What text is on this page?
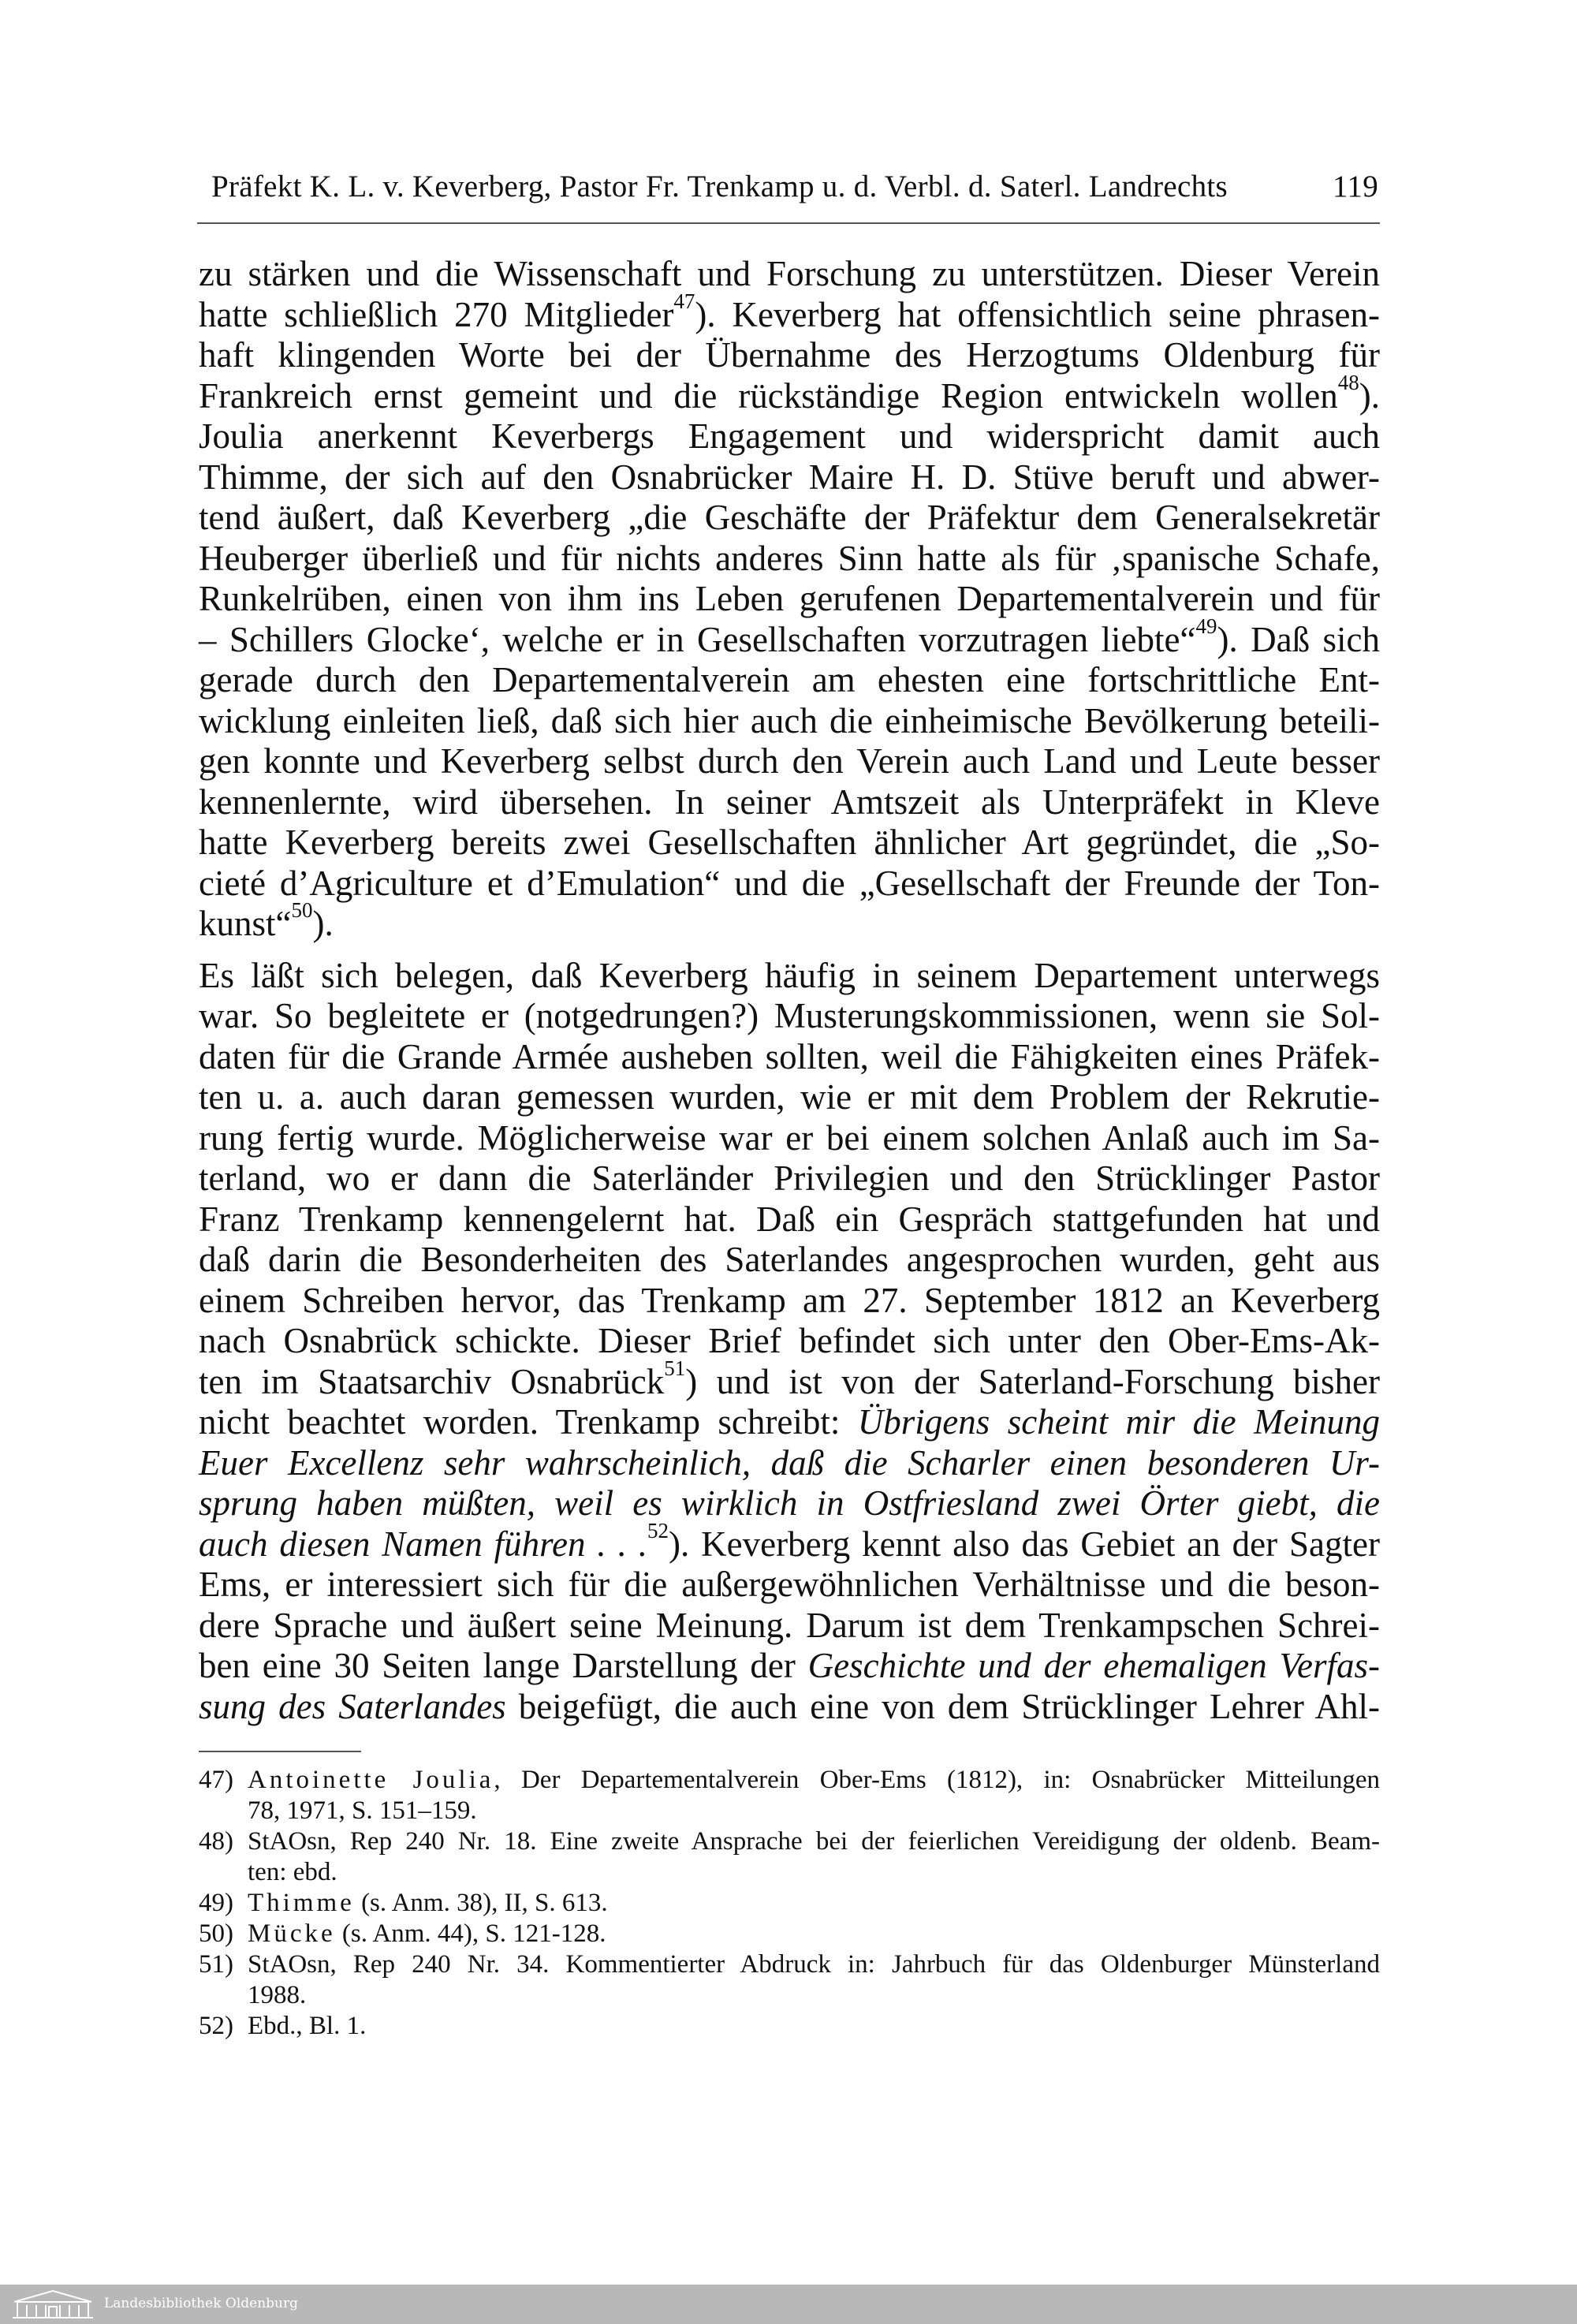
Präfekt K. L. v. Keverberg, Pastor Fr. Trenkamp u. d. Verbl. d. Saterl. Landrechts	119
zu stärken und die Wissenschaft und Forschung zu unterstützen. Dieser Verein
hatte schließlich 270 Mitglieder$^{47}$). Keverberg hat offensichtlich seine phrasen-
haft klingenden Worte bei der Übernahme des Herzogtums Oldenburg für
Frankreich ernst gemeint und die rückständige Region entwickeln wollen$^{48}$).
Joulia anerkennt Keverbergs Engagement und widerspricht damit auch
Thimme, der sich auf den Osnabrücker Maire H. D. Stüve beruft und abwer-
tend äußert, daß Keverberg „die Geschäfte der Präfektur dem Generalsekretär
Heuberger überließ und für nichts anderes Sinn hatte als für ‚spanische Schafe,
Runkelrüben, einen von ihm ins Leben gerufenen Departementalverein und für
– Schillers Glocke‘, welche er in Gesellschaften vorzutragen liebte“$^{49}$). Daß sich
gerade durch den Departementalverein am ehesten eine fortschrittliche Ent-
wicklung einleiten ließ, daß sich hier auch die einheimische Bevölkerung beteili-
gen konnte und Keverberg selbst durch den Verein auch Land und Leute besser
kennenlernte, wird übersehen. In seiner Amtszeit als Unterpräfekt in Kleve
hatte Keverberg bereits zwei Gesellschaften ähnlicher Art gegründet, die „So-
cieté d’Agriculture et d’Emulation“ und die „Gesellschaft der Freunde der Ton-
kunst“$^{50}$).
Es läßt sich belegen, daß Keverberg häufig in seinem Departement unterwegs
war. So begleitete er (notgedrungen?) Musterungskommissionen, wenn sie Sol-
daten für die Grande Armée ausheben sollten, weil die Fähigkeiten eines Präfek-
ten u. a. auch daran gemessen wurden, wie er mit dem Problem der Rekrutie-
rung fertig wurde. Möglicherweise war er bei einem solchen Anlaß auch im Sa-
terland, wo er dann die Saterländer Privilegien und den Strücklinger Pastor
Franz Trenkamp kennengelernt hat. Daß ein Gespräch stattgefunden hat und
daß darin die Besonderheiten des Saterlandes angesprochen wurden, geht aus
einem Schreiben hervor, das Trenkamp am 27. September 1812 an Keverberg
nach Osnabrück schickte. Dieser Brief befindet sich unter den Ober-Ems-Ak-
ten im Staatsarchiv Osnabrück$^{51}$) und ist von der Saterland-Forschung bisher
nicht beachtet worden. Trenkamp schreibt: Übrigens scheint mir die Meinung
Euer Excellenz sehr wahrscheinlich, daß die Scharler einen besonderen Ur-
sprung haben müßten, weil es wirklich in Ostfriesland zwei Örter giebt, die
auch diesen Namen führen . . .$^{52}$). Keverberg kennt also das Gebiet an der Sagter
Ems, er interessiert sich für die außergewöhnlichen Verhältnisse und die beson-
dere Sprache und äußert seine Meinung. Darum ist dem Trenkampschen Schrei-
ben eine 30 Seiten lange Darstellung der Geschichte und der ehemaligen Verfas-
sung des Saterlandes beigefügt, die auch eine von dem Strücklinger Lehrer Ahl-
47) Antoinette Joulia, Der Departementalverein Ober-Ems (1812), in: Osnabrücker Mitteilungen
78, 1971, S. 151–159.
48) StAOsn, Rep 240 Nr. 18. Eine zweite Ansprache bei der feierlichen Vereidigung der oldenb. Beam-
ten: ebd.
49) Thimme (s. Anm. 38), II, S. 613.
50) Mücke (s. Anm. 44), S. 121-128.
51) StAOsn, Rep 240 Nr. 34. Kommentierter Abdruck in: Jahrbuch für das Oldenburger Münsterland
1988.
52) Ebd., Bl. 1.
Landesbibliothek Oldenburg
